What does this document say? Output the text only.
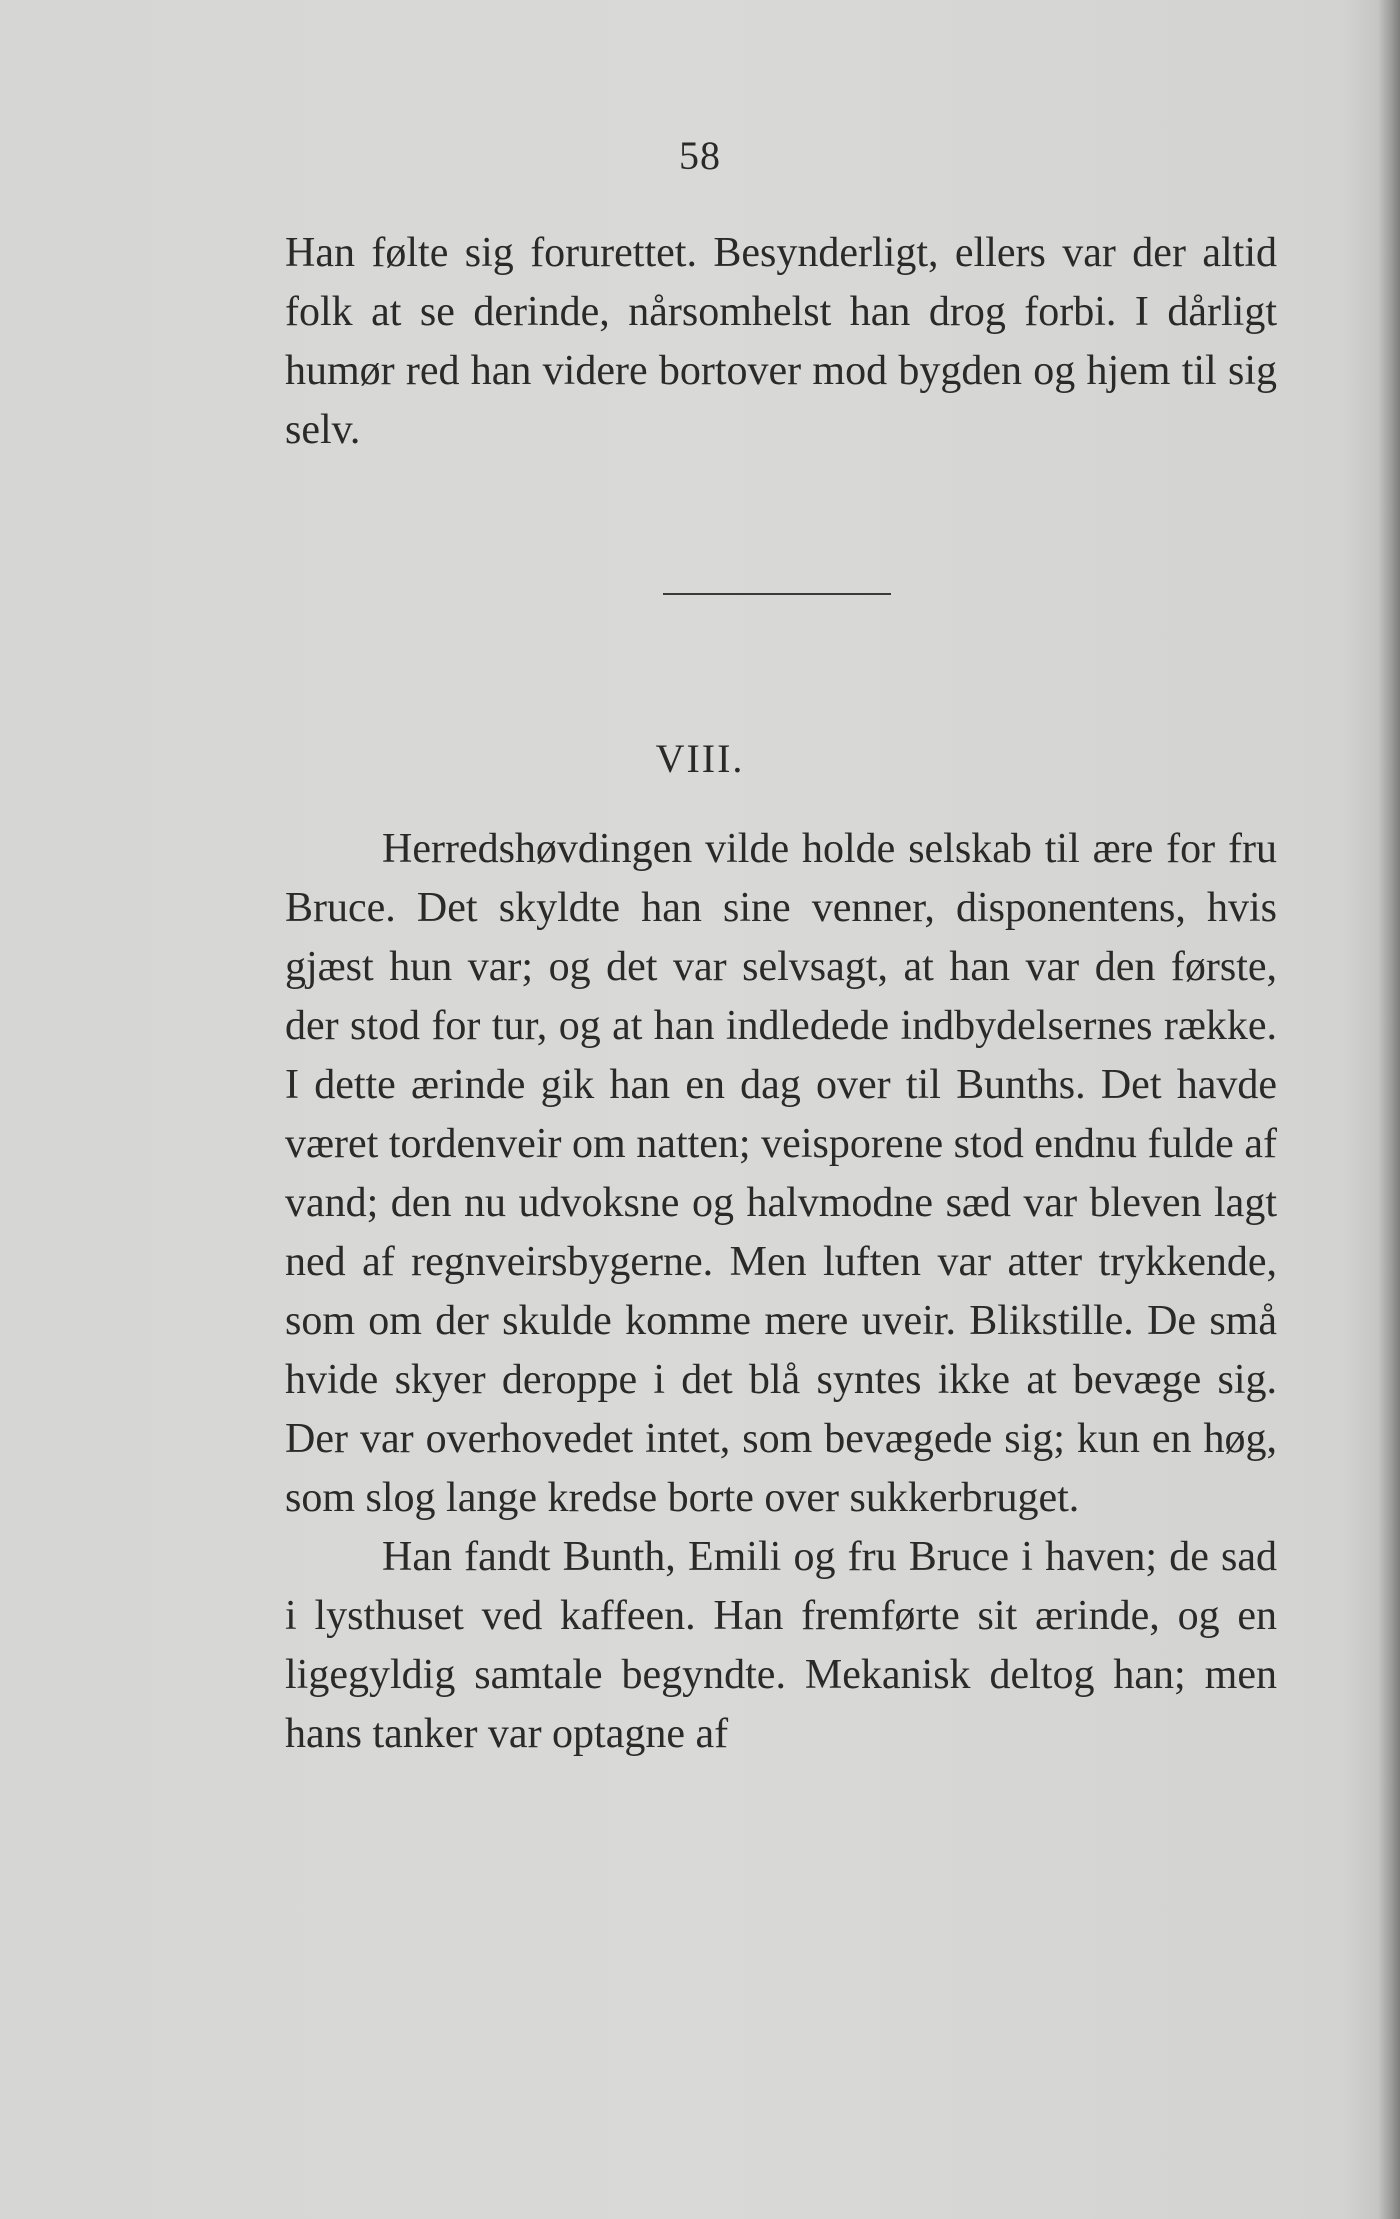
58

Han følte sig forurettet. Besynderligt, ellers var der altid folk at se derinde, nårsomhelst han drog forbi. I dårligt humør red han videre bortover mod bygden og hjem til sig selv.

VIII.

Herredshøvdingen vilde holde selskab til ære for fru Bruce. Det skyldte han sine venner, disponentens, hvis gjæst hun var; og det var selvsagt, at han var den første, der stod for tur, og at han indledede indbydelsernes række. I dette ærinde gik han en dag over til Bunths. Det havde været tordenveir om natten; veisporene stod endnu fulde af vand; den nu udvoksne og halvmodne sæd var bleven lagt ned af regnveirsbygerne. Men luften var atter trykkende, som om der skulde komme mere uveir. Blikstille. De små hvide skyer deroppe i det blå syntes ikke at bevæge sig. Der var overhovedet intet, som bevægede sig; kun en høg, som slog lange kredse borte over sukkerbruget.

Han fandt Bunth, Emili og fru Bruce i haven; de sad i lysthuset ved kaffeen. Han fremførte sit ærinde, og en ligegyldig samtale begyndte. Mekanisk deltog han; men hans tanker var optagne af
